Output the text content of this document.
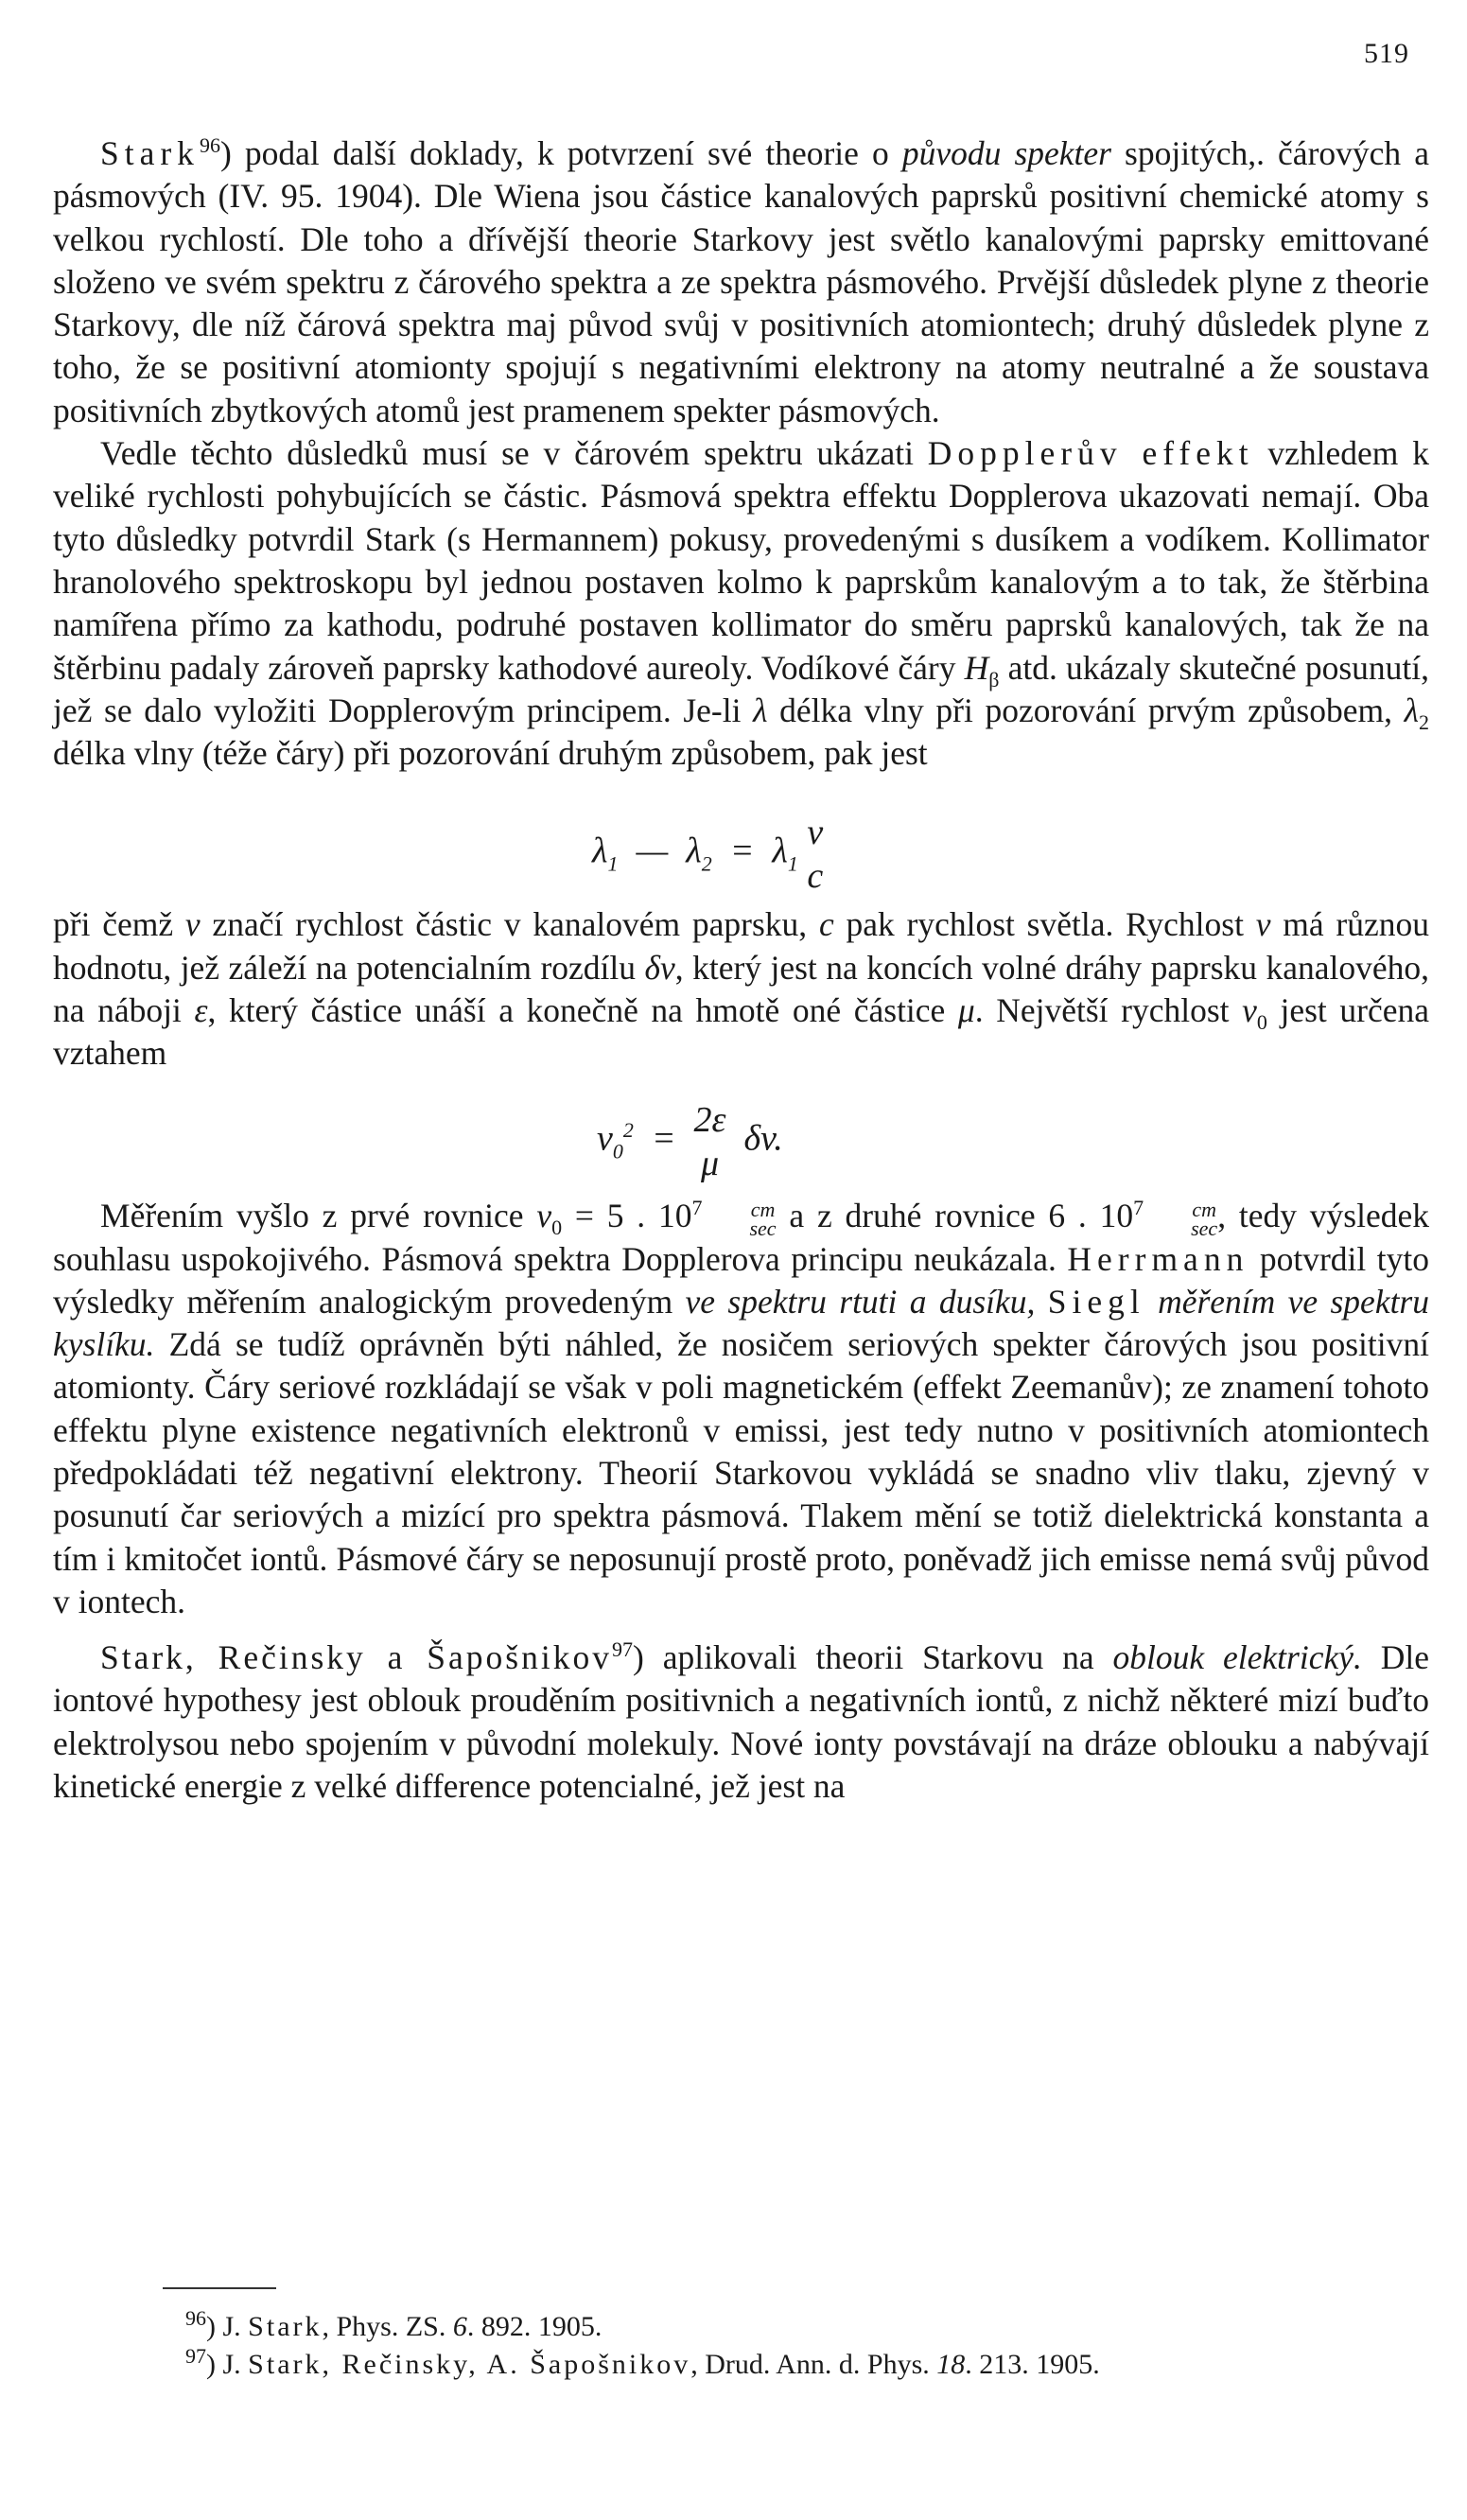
519

Stark$^{96}$) podal další doklady, k potvrzení své theorie o původu spekter spojitých,. čárových a pásmových (IV. 95. 1904). Dle Wiena jsou částice kanalových paprsků positivní chemické atomy s velkou rychlostí. Dle toho a dřívější theorie Starkovy jest světlo kanalovými paprsky emittované složeno ve svém spektru z čárového spektra a ze spektra pásmového. Prvější důsledek plyne z theorie Starkovy, dle níž čárová spektra maj původ svůj v positivních atomiontech; druhý důsledek plyne z toho, že se positivní atomionty spojují s negativními elektrony na atomy neutralné a že soustava positivních zbytkových atomů jest pramenem spekter pásmových.

Vedle těchto důsledků musí se v čárovém spektru ukázati Dopplerův effekt vzhledem k veliké rychlosti pohybujících se částic. Pásmová spektra effektu Dopplerova ukazovati nemají. Oba tyto důsledky potvrdil Stark (s Hermannem) pokusy, provedenými s dusíkem a vodíkem. Kollimator hranolového spektroskopu byl jednou postaven kolmo k paprskům kanalovým a to tak, že štěrbina namířena přímo za kathodu, podruhé postaven kollimator do směru paprsků kanalových, tak že na štěrbinu padaly zároveň paprsky kathodové aureoly. Vodíkové čáry $H_\beta$ atd. ukázaly skutečné posunutí, jež se dalo vyložiti Dopplerovým principem. Je-li λ délka vlny při pozorování prvým způsobem, $\lambda_2$ délka vlny (téže čáry) při pozorování druhým způsobem, pak jest

$\lambda_1$ — $\lambda_2 = \lambda_1$
v
c

při čemž v značí rychlost částic v kanalovém paprsku, c pak rychlost světla. Rychlost v má různou hodnotu, jež záleží na potencialním rozdílu δv, který jest na koncích volné dráhy paprsku kanalového, na náboji ε, který částice unáší a konečně na hmotě oné částice μ. Největší rychlost $v_0$ jest určena vztahem

$v_0^2 = 2\varepsilon$
μ
δv.

Měřením vyšlo z prvé rovnice $v_0 = 5$ . 10$^7$	cm
sec a z druhé rovnice 6 . 10$^7$	cm
sec , tedy výsledek souhlasu uspokojivého. Pásmová spektra Dopplerova principu neukázala. Herrmann potvrdil tyto výsledky měřením analogickým provedeným ve spektru rtuti a dusíku, Siegl měřením ve spektru kyslíku. Zdá se tudíž oprávněn býti náhled, že nosičem seriových spekter čárových jsou positivní atomionty. Čáry seriové rozkládají se však v poli magnetickém (effekt Zeemanův); ze znamení tohoto effektu plyne existence negativních elektronů v emissi, jest tedy nutno v positivních atomiontech předpokládati též negativní elektrony. Theorií Starkovou vykládá se snadno vliv tlaku, zjevný v posunutí čar seriových a mizící pro spektra pásmová. Tlakem mění se totiž dielektrická konstanta a tím i kmitočet iontů. Pásmové čáry se neposunují prostě proto, poněvadž jich emisse nemá svůj původ v iontech.

Stark, Rečinsky a Šapošnikov$^{97}$) aplikovali theorii Starkovu na oblouk elektrický. Dle iontové hypothesy jest oblouk prouděním positivnich a negativních iontů, z nichž některé mizí buďto elektrolysou nebo spojením v původní molekuly. Nové ionty povstávají na dráze oblouku a nabývají kinetické energie z velké difference potencialné, jež jest na

$^{96}$) J. Stark, Phys. ZS. 6. 892. 1905.

$^{97}$) J. Stark, Rečinsky, A. Šapošnikov, Drud. Ann. d. Phys. 18. 213. 1905.
